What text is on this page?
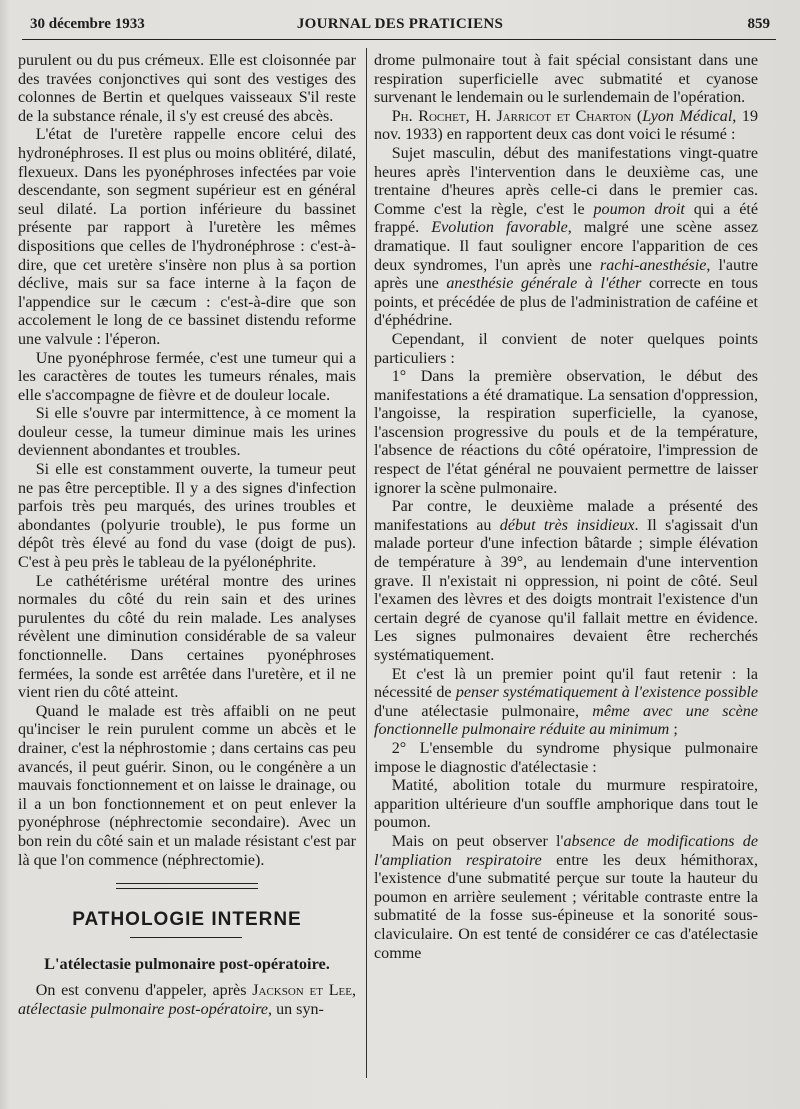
30 décembre 1933	JOURNAL DES PRATICIENS	859

purulent ou du pus crémeux. Elle est cloisonnée par des travées conjonctives qui sont des vestiges des colonnes de Bertin et quelques vaisseaux S'il reste de la substance rénale, il s'y est creusé des abcès.

L'état de l'uretère rappelle encore celui des hydronéphroses. Il est plus ou moins oblitéré, dilaté, flexueux. Dans les pyonéphroses infectées par voie descendante, son segment supérieur est en général seul dilaté. La portion inférieure du bassinet présente par rapport à l'uretère les mêmes dispositions que celles de l'hydronéphrose : c'est-à-dire, que cet uretère s'insère non plus à sa portion déclive, mais sur sa face interne à la façon de l'appendice sur le cæcum : c'est-à-dire que son accolement le long de ce bassinet distendu reforme une valvule : l'éperon.

Une pyonéphrose fermée, c'est une tumeur qui a les caractères de toutes les tumeurs rénales, mais elle s'accompagne de fièvre et de douleur locale.

Si elle s'ouvre par intermittence, à ce moment la douleur cesse, la tumeur diminue mais les urines deviennent abondantes et troubles.

Si elle est constamment ouverte, la tumeur peut ne pas être perceptible. Il y a des signes d'infection parfois très peu marqués, des urines troubles et abondantes (polyurie trouble), le pus forme un dépôt très élevé au fond du vase (doigt de pus). C'est à peu près le tableau de la pyélonéphrite.

Le cathétérisme urétéral montre des urines normales du côté du rein sain et des urines purulentes du côté du rein malade. Les analyses révèlent une diminution considérable de sa valeur fonctionnelle. Dans certaines pyonéphroses fermées, la sonde est arrêtée dans l'uretère, et il ne vient rien du côté atteint.

Quand le malade est très affaibli on ne peut qu'inciser le rein purulent comme un abcès et le drainer, c'est la néphrostomie ; dans certains cas peu avancés, il peut guérir. Sinon, ou le congénère a un mauvais fonctionnement et on laisse le drainage, ou il a un bon fonctionnement et on peut enlever la pyonéphrose (néphrectomie secondaire). Avec un bon rein du côté sain et un malade résistant c'est par là que l'on commence (néphrectomie).

PATHOLOGIE INTERNE
L'atélectasie pulmonaire post-opératoire.

On est convenu d'appeler, après Jackson et Lee, atélectasie pulmonaire post-opératoire, un syn-

drome pulmonaire tout à fait spécial consistant dans une respiration superficielle avec submatité et cyanose survenant le lendemain ou le surlendemain de l'opération.

Ph. Rochet, H. Jarricot et Charton (Lyon Médical, 19 nov. 1933) en rapportent deux cas dont voici le résumé :

Sujet masculin, début des manifestations vingt-quatre heures après l'intervention dans le deuxième cas, une trentaine d'heures après celle-ci dans le premier cas. Comme c'est la règle, c'est le poumon droit qui a été frappé. Evolution favorable, malgré une scène assez dramatique. Il faut souligner encore l'apparition de ces deux syndromes, l'un après une rachi-anesthésie, l'autre après une anesthésie générale à l'éther correcte en tous points, et précédée de plus de l'administration de caféine et d'éphédrine.

Cependant, il convient de noter quelques points particuliers :

1° Dans la première observation, le début des manifestations a été dramatique. La sensation d'oppression, l'angoisse, la respiration superficielle, la cyanose, l'ascension progressive du pouls et de la température, l'absence de réactions du côté opératoire, l'impression de respect de l'état général ne pouvaient permettre de laisser ignorer la scène pulmonaire.

Par contre, le deuxième malade a présenté des manifestations au début très insidieux. Il s'agissait d'un malade porteur d'une infection bâtarde ; simple élévation de température à 39°, au lendemain d'une intervention grave. Il n'existait ni oppression, ni point de côté. Seul l'examen des lèvres et des doigts montrait l'existence d'un certain degré de cyanose qu'il fallait mettre en évidence. Les signes pulmonaires devaient être recherchés systématiquement.

Et c'est là un premier point qu'il faut retenir : la nécessité de penser systématiquement à l'existence possible d'une atélectasie pulmonaire, même avec une scène fonctionnelle pulmonaire réduite au minimum ;

2° L'ensemble du syndrome physique pulmonaire impose le diagnostic d'atélectasie :

Matité, abolition totale du murmure respiratoire, apparition ultérieure d'un souffle amphorique dans tout le poumon.

Mais on peut observer l'absence de modifications de l'ampliation respiratoire entre les deux hémithorax, l'existence d'une submatité perçue sur toute la hauteur du poumon en arrière seulement ; véritable contraste entre la submatité de la fosse sus-épineuse et la sonorité sous-claviculaire. On est tenté de considérer ce cas d'atélectasie comme
